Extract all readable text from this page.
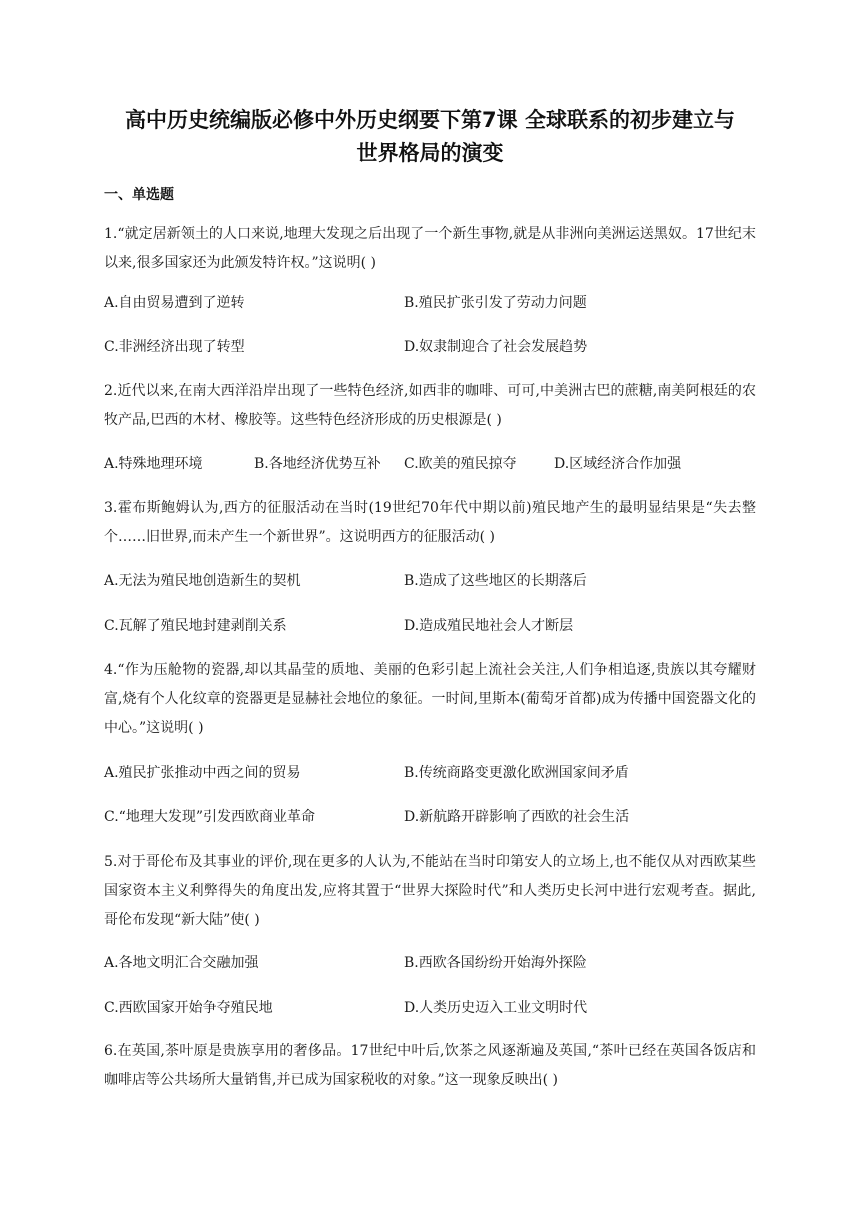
高中历史统编版必修中外历史纲要下第7课 全球联系的初步建立与
世界格局的演变
一、单选题
1.“就定居新领土的人口来说,地理大发现之后出现了一个新生事物,就是从非洲向美洲运送黑奴。17世纪末以来,很多国家还为此颁发特许权。”这说明( )
A.自由贸易遭到了逆转	B.殖民扩张引发了劳动力问题
C.非洲经济出现了转型	D.奴隶制迎合了社会发展趋势
2.近代以来,在南大西洋沿岸出现了一些特色经济,如西非的咖啡、可可,中美洲古巴的蔗糖,南美阿根廷的农牧产品,巴西的木材、橡胶等。这些特色经济形成的历史根源是( )
A.特殊地理环境	B.各地经济优势互补 C.欧美的殖民掠夺	D.区域经济合作加强
3.霍布斯鲍姆认为,西方的征服活动在当时(19世纪70年代中期以前)殖民地产生的最明显结果是“失去整个……旧世界,而未产生一个新世界”。这说明西方的征服活动( )
A.无法为殖民地创造新生的契机	B.造成了这些地区的长期落后
C.瓦解了殖民地封建剥削关系	D.造成殖民地社会人才断层
4.“作为压舱物的瓷器,却以其晶莹的质地、美丽的色彩引起上流社会关注,人们争相追逐,贵族以其夸耀财富,烧有个人化纹章的瓷器更是显赫社会地位的象征。一时间,里斯本(葡萄牙首都)成为传播中国瓷器文化的中心。”这说明( )
A.殖民扩张推动中西之间的贸易	B.传统商路变更激化欧洲国家间矛盾
C.“地理大发现”引发西欧商业革命	D.新航路开辟影响了西欧的社会生活
5.对于哥伦布及其事业的评价,现在更多的人认为,不能站在当时印第安人的立场上,也不能仅从对西欧某些国家资本主义利弊得失的角度出发,应将其置于“世界大探险时代”和人类历史长河中进行宏观考查。据此,哥伦布发现“新大陆”使( )
A.各地文明汇合交融加强	B.西欧各国纷纷开始海外探险
C.西欧国家开始争夺殖民地	D.人类历史迈入工业文明时代
6.在英国,茶叶原是贵族享用的奢侈品。17世纪中叶后,饮茶之风逐渐遍及英国,“茶叶已经在英国各饭店和咖啡店等公共场所大量销售,并已成为国家税收的对象。”这一现象反映出( )
